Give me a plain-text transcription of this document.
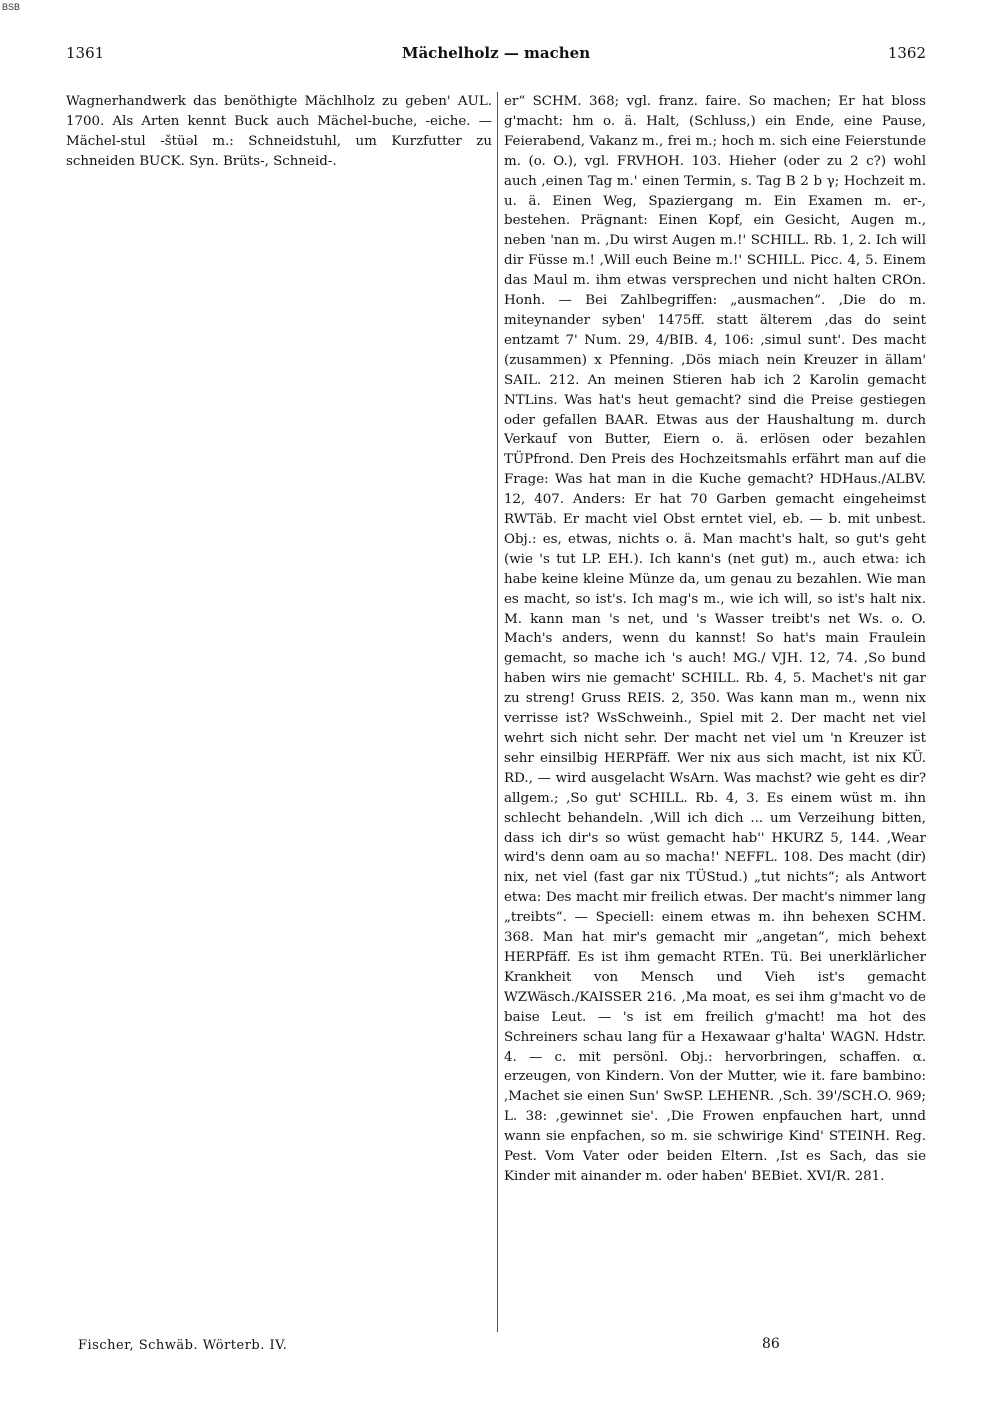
BSB
1361	Mächelholz — machen	1362

Wagnerhandwerk das benöthigte Mächlholz zu geben' AUL. 1700. Als Arten kennt Buck auch Mächel-buche, -eiche. — Mächel-stul -štüəl m.: Schneidstuhl, um Kurzfutter zu schneiden BUCK. Syn. Brüts-, Schneid-.

er“ SCHM. 368; vgl. franz. faire. So machen; Er hat bloss g'macht: hm o. ä. Halt, (Schluss,) ein Ende, eine Pause, Feierabend, Vakanz m., frei m.; hoch m. sich eine Feierstunde m. (o. O.), vgl. FRVHOH. 103. Hieher (oder zu 2 c?) wohl auch ,einen Tag m.' einen Termin, s. Tag B 2 b γ; Hochzeit m. u. ä. Einen Weg, Spaziergang m. Ein Examen m. er-, bestehen. Prägnant: Einen Kopf, ein Gesicht, Augen m., neben 'nan m. ,Du wirst Augen m.!' SCHILL. Rb. 1, 2. Ich will dir Füsse m.! ,Will euch Beine m.!' SCHILL. Picc. 4, 5. Einem das Maul m. ihm etwas versprechen und nicht halten CROn. Honh. — Bei Zahlbegriffen: „ausmachen“. ,Die do m. miteynander syben' 1475ff. statt älterem ,das do seint entzamt 7' Num. 29, 4/BIB. 4, 106: ,simul sunt'. Des macht (zusammen) x Pfenning. ,Dös miach nein Kreuzer in ällam' SAIL. 212. An meinen Stieren hab ich 2 Karolin gemacht NTLins. Was hat's heut gemacht? sind die Preise gestiegen oder gefallen BAAR. Etwas aus der Haushaltung m. durch Verkauf von Butter, Eiern o. ä. erlösen oder bezahlen TÜPfrond. Den Preis des Hochzeitsmahls erfährt man auf die Frage: Was hat man in die Kuche gemacht? HDHaus./ALBV. 12, 407. Anders: Er hat 70 Garben gemacht eingeheimst RWTäb. Er macht viel Obst erntet viel, eb. — b. mit unbest. Obj.: es, etwas, nichts o. ä. Man macht's halt, so gut's geht (wie 's tut LP. EH.). Ich kann's (net gut) m., auch etwa: ich habe keine kleine Münze da, um genau zu bezahlen. Wie man es macht, so ist's. Ich mag's m., wie ich will, so ist's halt nix. M. kann man 's net, und 's Wasser treibt's net Ws. o. O. Mach's anders, wenn du kannst! So hat's main Fraulein gemacht, so mache ich 's auch! MG./ VJH. 12, 74. ,So bund haben wirs nie gemacht' SCHILL. Rb. 4, 5. Machet's nit gar zu streng! Gruss REIS. 2, 350. Was kann man m., wenn nix verrisse ist? WsSchweinh., Spiel mit 2. Der macht net viel wehrt sich nicht sehr. Der macht net viel um 'n Kreuzer ist sehr einsilbig HERPfäff. Wer nix aus sich macht, ist nix KÜ. RD., — wird ausgelacht WsArn. Was machst? wie geht es dir? allgem.; ,So gut' SCHILL. Rb. 4, 3. Es einem wüst m. ihn schlecht behandeln. ,Will ich dich ... um Verzeihung bitten, dass ich dir's so wüst gemacht hab'' HKURZ 5, 144. ,Wear wird's denn oam au so macha!' NEFFL. 108. Des macht (dir) nix, net viel (fast gar nix TÜStud.) „tut nichts“; als Antwort etwa: Des macht mir freilich etwas. Der macht's nimmer lang „treibts“. — Speciell: einem etwas m. ihn behexen SCHM. 368. Man hat mir's gemacht mir „angetan“, mich behext HERPfäff. Es ist ihm gemacht RTEn. Tü. Bei unerklärlicher Krankheit von Mensch und Vieh ist's gemacht WZWäsch./KAISSER 216. ,Ma moat, es sei ihm g'macht vo de baise Leut. — 's ist em freilich g'macht! ma hot des Schreiners schau lang für a Hexawaar g'halta' WAGN. Hdstr. 4. — c. mit persönl. Obj.: hervorbringen, schaffen. α. erzeugen, von Kindern. Von der Mutter, wie it. fare bambino: ,Machet sie einen Sun' SwSP. LEHENR. ,Sch. 39'/SCH.O. 969; L. 38: ,gewinnet sie'. ,Die Frowen enpfauchen hart, unnd wann sie enpfachen, so m. sie schwirige Kind' STEINH. Reg. Pest. Vom Vater oder beiden Eltern. ,Ist es Sach, das sie Kinder mit ainander m. oder haben' BEBiet. XVI/R. 281.

Fischer, Schwäb. Wörterb. IV.	86
